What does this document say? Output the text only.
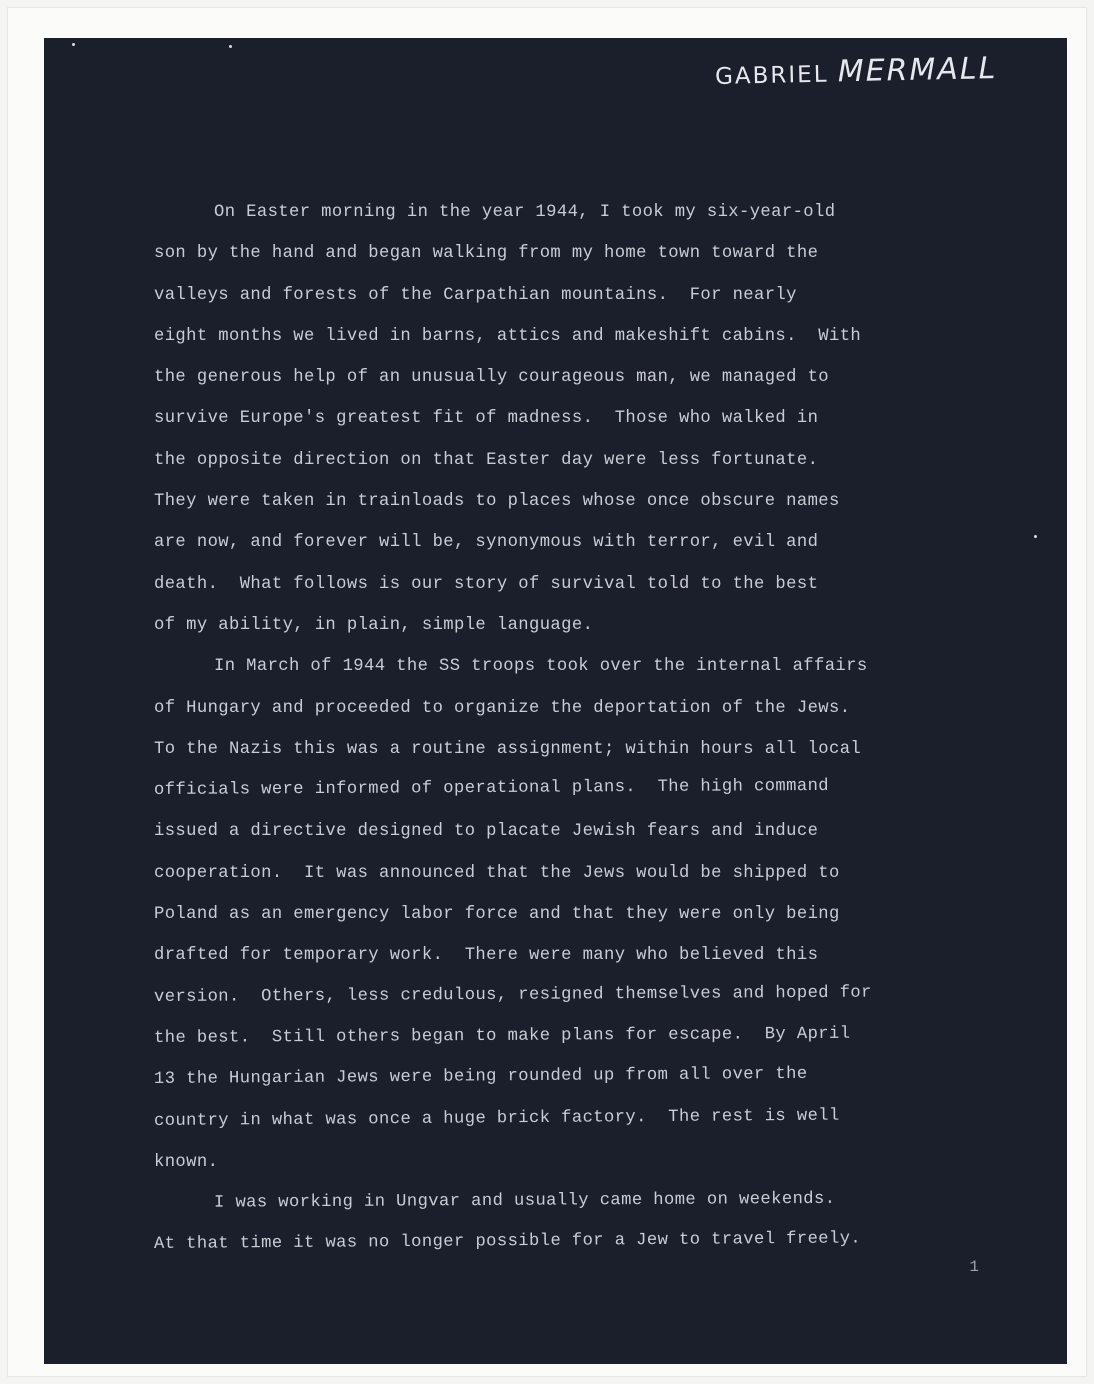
GABRIEL MERMALL
On Easter morning in the year 1944, I took my six-year-old
son by the hand and began walking from my home town toward the
valleys and forests of the Carpathian mountains.  For nearly
eight months we lived in barns, attics and makeshift cabins.  With
the generous help of an unusually courageous man, we managed to
survive Europe's greatest fit of madness.  Those who walked in
the opposite direction on that Easter day were less fortunate.
They were taken in trainloads to places whose once obscure names
are now, and forever will be, synonymous with terror, evil and
death.  What follows is our story of survival told to the best
of my ability, in plain, simple language.
In March of 1944 the SS troops took over the internal affairs
of Hungary and proceeded to organize the deportation of the Jews.
To the Nazis this was a routine assignment; within hours all local
officials were informed of operational plans.  The high command
issued a directive designed to placate Jewish fears and induce
cooperation.  It was announced that the Jews would be shipped to
Poland as an emergency labor force and that they were only being
drafted for temporary work.  There were many who believed this
version.  Others, less credulous, resigned themselves and hoped for
the best.  Still others began to make plans for escape.  By April
13 the Hungarian Jews were being rounded up from all over the
country in what was once a huge brick factory.  The rest is well
known.
I was working in Ungvar and usually came home on weekends.
At that time it was no longer possible for a Jew to travel freely.
1
